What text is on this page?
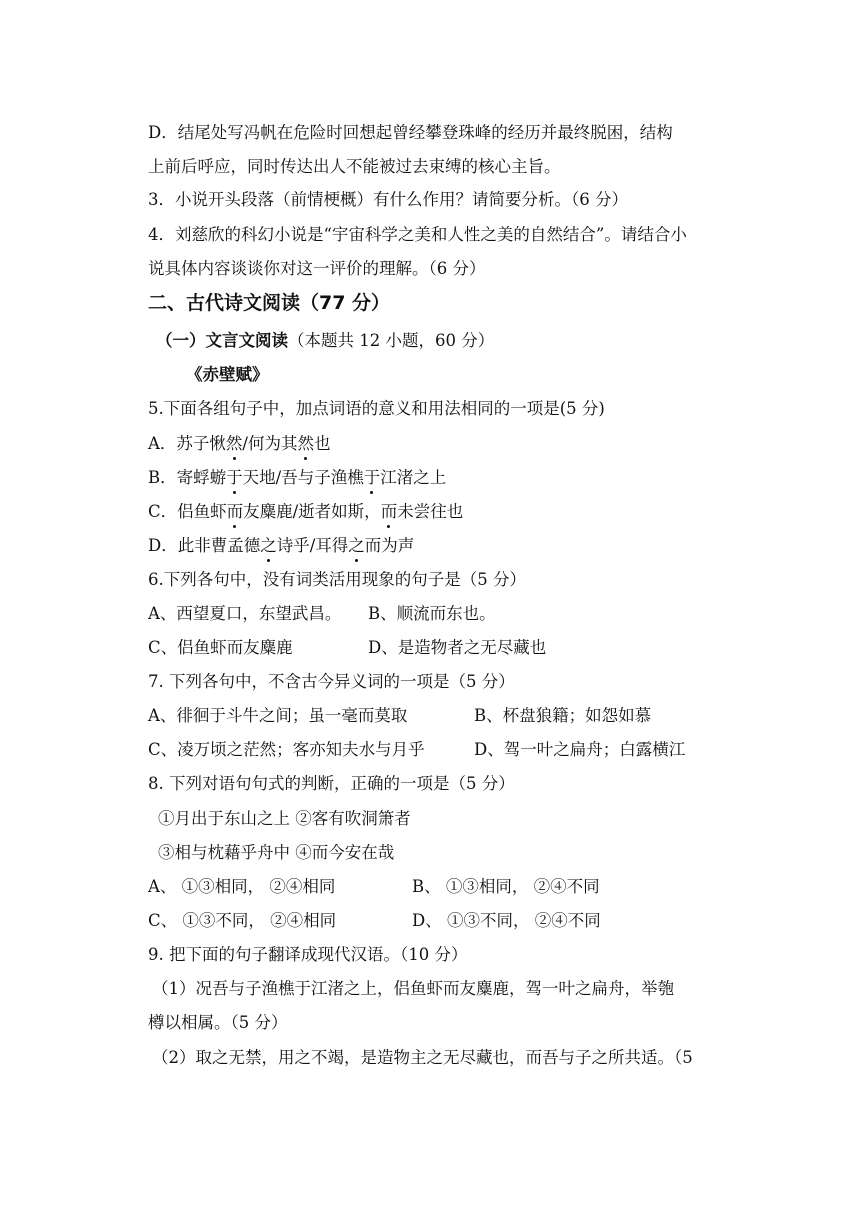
D．结尾处写冯帆在危险时回想起曾经攀登珠峰的经历并最终脱困，结构
上前后呼应，同时传达出人不能被过去束缚的核心主旨。
3．小说开头段落（前情梗概）有什么作用？请简要分析。（6 分）
4．刘慈欣的科幻小说是“宇宙科学之美和人性之美的自然结合”。请结合小
说具体内容谈谈你对这一评价的理解。（6 分）
二、古代诗文阅读（77 分）
（一）文言文阅读（本题共 12 小题，60 分）
《赤壁赋》
5.下面各组句子中，加点词语的意义和用法相同的一项是(5 分)
A．苏子愀然/何为其然也
B．寄蜉蝣于天地/吾与子渔樵于江渚之上
C．侣鱼虾而友麋鹿/逝者如斯，而未尝往也
D．此非曹孟德之诗乎/耳得之而为声
6.下列各句中，没有词类活用现象的句子是（5 分）
A、西望夏口，东望武昌。 B、顺流而东也。
C、侣鱼虾而友麋鹿	D、是造物者之无尽藏也
7. 下列各句中，不含古今异义词的一项是（5 分）
A、徘徊于斗牛之间；虽一毫而莫取	B、杯盘狼籍；如怨如慕
C、凌万顷之茫然；客亦知夫水与月乎	D、驾一叶之扁舟；白露横江
8. 下列对语句句式的判断，正确的一项是（5 分）
①月出于东山之上 ②客有吹洞箫者
③相与枕藉乎舟中 ④而今安在哉
A、 ①③相同， ②④相同	B、 ①③相同， ②④不同
C、 ①③不同， ②④相同	D、 ①③不同， ②④不同
9. 把下面的句子翻译成现代汉语。（10 分）
（1）况吾与子渔樵于江渚之上，侣鱼虾而友麋鹿，驾一叶之扁舟，举匏
樽以相属。（5 分）
（2）取之无禁，用之不竭，是造物主之无尽藏也，而吾与子之所共适。（5
